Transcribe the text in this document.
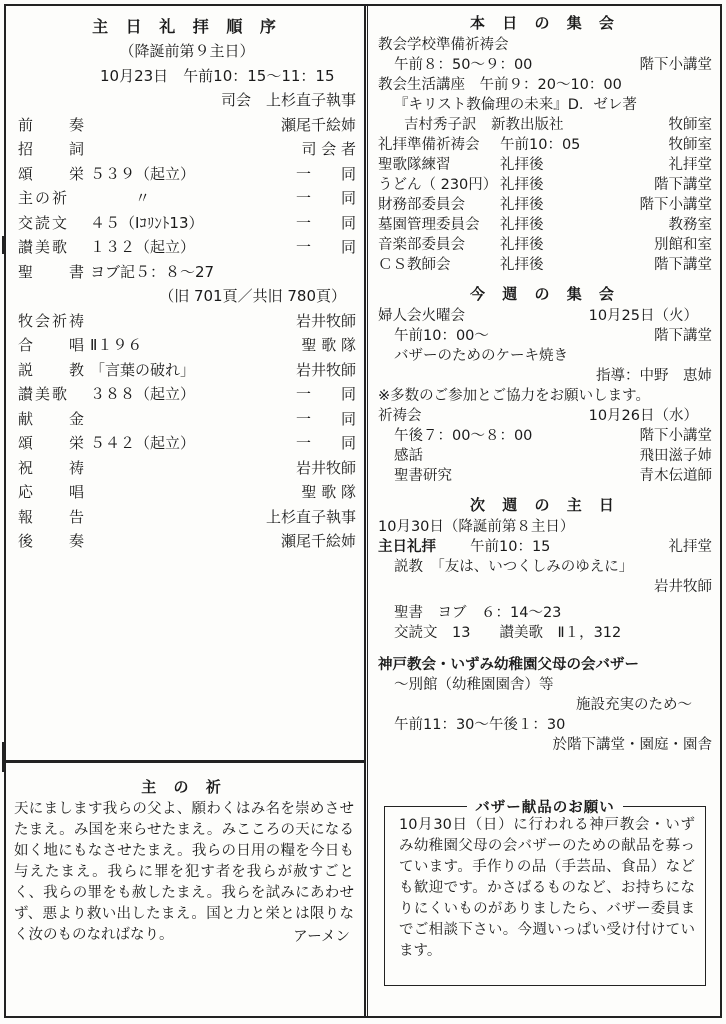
主 日 礼 拝 順 序
（降誕前第９主日）
10月23日　午前10：15〜11：15
司会　上杉直子執事
前　　奏	瀬尾千絵姉
招　　詞	司 会 者
頌　　栄 ５３９（起立）	一　　同
主の祈	　　　〃	一　　同
交読文	４５（Ⅰｺﾘﾝﾄ13）	一　　同
讃美歌	１３２（起立）	一　　同
聖　　書 ヨブ記５：８〜27
（旧 701頁／共旧 780頁）
牧会祈祷	岩井牧師
合　　唱 Ⅱ１９６	聖 歌 隊
説　　教 「言葉の破れ」	岩井牧師
讃美歌	３８８（起立）	一　　同
献　　金	一　　同
頌　　栄 ５４２（起立）	一　　同
祝　　祷	岩井牧師
応　　唱	聖 歌 隊
報　　告	上杉直子執事
後　　奏	瀬尾千絵姉
主 の 祈
天にまします我らの父よ、願わくはみ名を崇めさせたまえ。み国を来らせたまえ。みこころの天になる如く地にもなさせたまえ。我らの日用の糧を今日も与えたまえ。我らに罪を犯す者を我らが赦すごとく、我らの罪をも赦したまえ。我らを試みにあわせず、悪より救い出したまえ。国と力と栄とは限りなく汝のものなればなり。	アーメン
本 日 の 集 会
教会学校準備祈祷会
午前８：50〜９：00	階下小講堂
教会生活講座　午前９：20〜10：00
『キリスト教倫理の未来』D．ゼレ著
吉村秀子訳　新教出版社	牧師室
礼拝準備祈祷会	午前10：05	牧師室
聖歌隊練習	礼拝後	礼拝堂
うどん（ 230円） 礼拝後	階下講堂
財務部委員会	礼拝後	階下小講堂
墓園管理委員会	礼拝後	教務室
音楽部委員会	礼拝後	別館和室
ＣＳ教師会	礼拝後	階下講堂
今 週 の 集 会
婦人会火曜会	10月25日（火）
午前10：00〜	階下講堂
バザーのためのケーキ焼き
指導：中野　恵姉
※多数のご参加とご協力をお願いします。
祈祷会	10月26日（水）
午後７：00〜８：00	階下小講堂
感話	飛田滋子姉
聖書研究	青木伝道師
次 週 の 主 日
10月30日（降誕前第８主日）
主日礼拝	午前10：15	礼拝堂
説教　「友は、いつくしみのゆえに」
岩井牧師
聖書　ヨブ　６：14〜23
交読文　13　　讃美歌　Ⅱ１，312
神戸教会・いずみ幼稚園父母の会バザー
〜別館（幼稚園園舎）等
施設充実のため〜
午前11：30〜午後１：30
於階下講堂・園庭・園舎
バザー献品のお願い
10月30日（日）に行われる神戸教会・いずみ幼稚園父母の会バザーのための献品を募っています。手作りの品（手芸品、食品）なども歓迎です。かさばるものなど、お持ちになりにくいものがありましたら、バザー委員までご相談下さい。今週いっぱい受け付けています。
